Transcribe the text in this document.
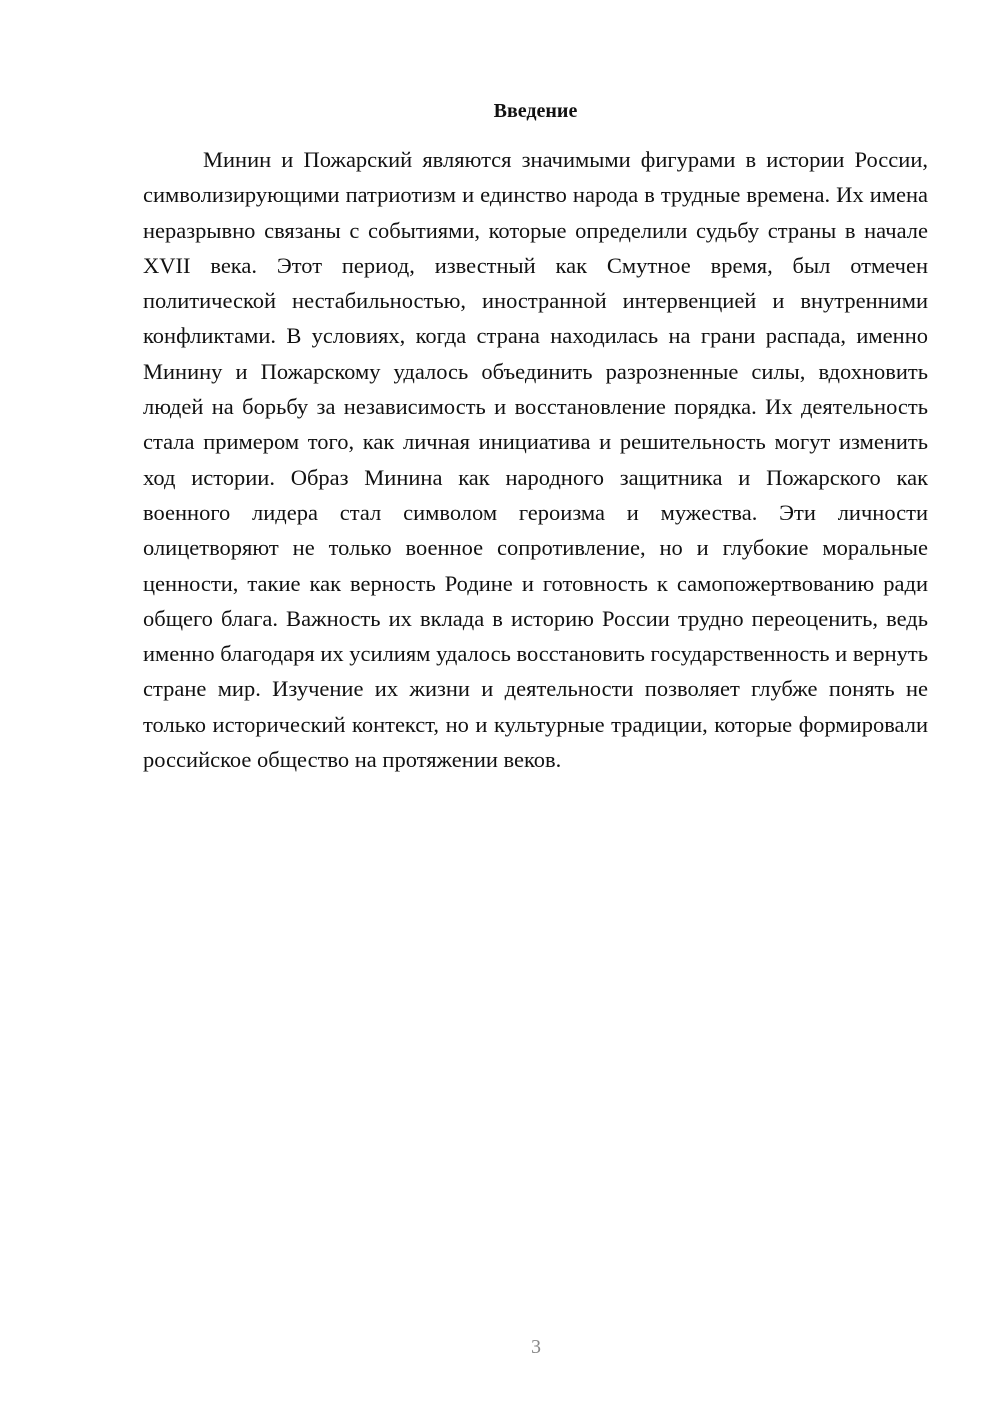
Введение

Минин и Пожарский являются значимыми фигурами в истории России, символизирующими патриотизм и единство народа в трудные времена. Их имена неразрывно связаны с событиями, которые определили судьбу страны в начале XVII века. Этот период, известный как Смутное время, был отмечен политической нестабильностью, иностранной интервенцией и внутренними конфликтами. В условиях, когда страна находилась на грани распада, именно Минину и Пожарскому удалось объединить разрозненные силы, вдохновить людей на борьбу за независимость и восстановление порядка. Их деятельность стала примером того, как личная инициатива и решительность могут изменить ход истории. Образ Минина как народного защитника и Пожарского как военного лидера стал символом героизма и мужества. Эти личности олицетворяют не только военное сопротивление, но и глубокие моральные ценности, такие как верность Родине и готовность к самопожертвованию ради общего блага. Важность их вклада в историю России трудно переоценить, ведь именно благодаря их усилиям удалось восстановить государственность и вернуть стране мир. Изучение их жизни и деятельности позволяет глубже понять не только исторический контекст, но и культурные традиции, которые формировали российское общество на протяжении веков.

3
